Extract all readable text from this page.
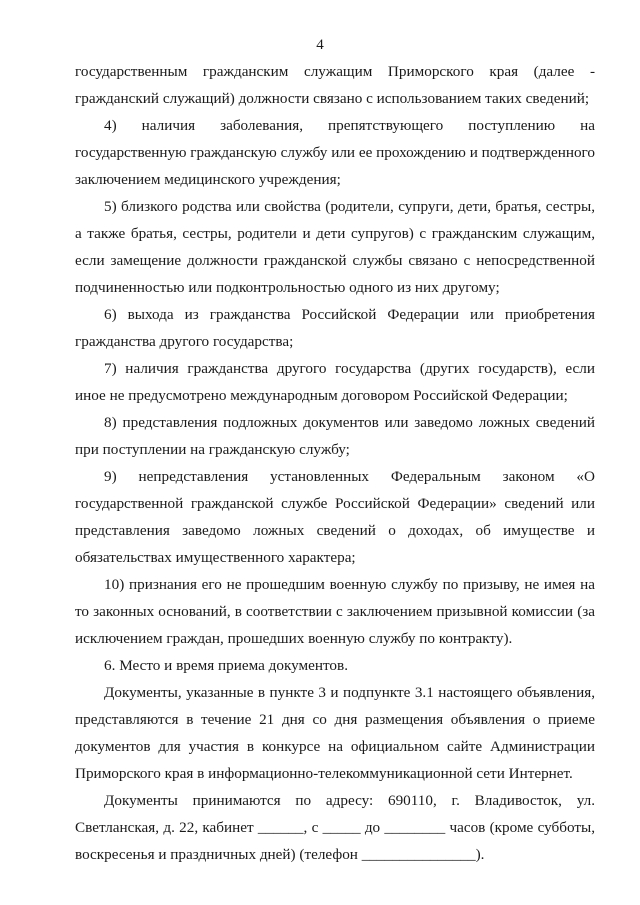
4

государственным гражданским служащим Приморского края (далее - гражданский служащий) должности связано с использованием таких сведений;

4) наличия заболевания, препятствующего поступлению на государственную гражданскую службу или ее прохождению и подтвержденного заключением медицинского учреждения;

5) близкого родства или свойства (родители, супруги, дети, братья, сестры, а также братья, сестры, родители и дети супругов) с гражданским служащим, если замещение должности гражданской службы связано с непосредственной подчиненностью или подконтрольностью одного из них другому;

6) выхода из гражданства Российской Федерации или приобретения гражданства другого государства;

7) наличия гражданства другого государства (других государств), если иное не предусмотрено международным договором Российской Федерации;

8) представления подложных документов или заведомо ложных сведений при поступлении на гражданскую службу;

9) непредставления установленных Федеральным законом «О государственной гражданской службе Российской Федерации» сведений или представления заведомо ложных сведений о доходах, об имуществе и обязательствах имущественного характера;

10) признания его не прошедшим военную службу по призыву, не имея на то законных оснований, в соответствии с заключением призывной комиссии (за исключением граждан, прошедших военную службу по контракту).

6. Место и время приема документов.

Документы, указанные в пункте 3 и подпункте 3.1 настоящего объявления, представляются в течение 21 дня со дня размещения объявления о приеме документов для участия в конкурсе на официальном сайте Администрации Приморского края в информационно-телекоммуникационной сети Интернет.

Документы принимаются по адресу: 690110, г. Владивосток, ул. Светланская, д. 22, кабинет ______, с _____ до ________ часов (кроме субботы, воскресенья и праздничных дней) (телефон _______________).
